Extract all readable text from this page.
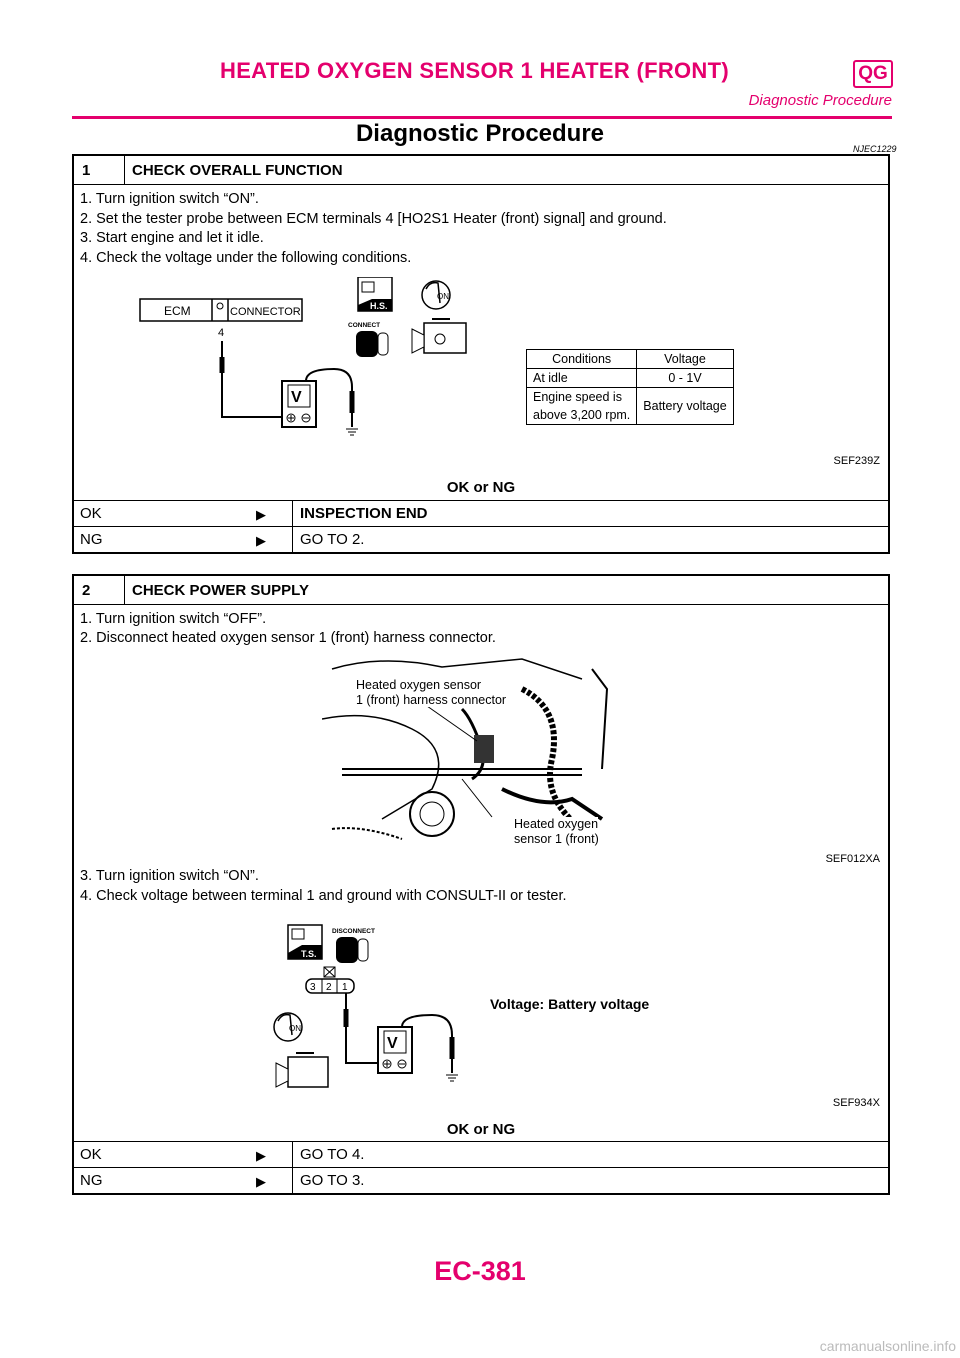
HEATED OXYGEN SENSOR 1 HEATER (FRONT)	QG
Diagnostic Procedure
Diagnostic Procedure
NJEC1229
1	CHECK OVERALL FUNCTION
1. Turn ignition switch “ON”.
2. Set the tester probe between ECM terminals 4 [HO2S1 Heater (front) signal] and ground.
3. Start engine and let it idle.
4. Check the voltage under the following conditions.
ECM	CONNECTOR
4
V
H.S.
CONNECT
ON
Conditions	Voltage
At idle	0 - 1V
Engine speed is	Battery voltage
above 3,200 rpm.	
SEF239Z
OK or NG
OK	▶ INSPECTION END
NG	▶ GO TO 2.
2	CHECK POWER SUPPLY
1. Turn ignition switch “OFF”.
2. Disconnect heated oxygen sensor 1 (front) harness connector.
Heated oxygen sensor
1 (front) harness connector
Heated oxygen
sensor 1 (front)
SEF012XA
3. Turn ignition switch “ON”.
4. Check voltage between terminal 1 and ground with CONSULT-II or tester.
T.S.
DISCONNECT
3 2 1
V
ON
Voltage: Battery voltage
SEF934X
OK or NG
OK	▶ GO TO 4.
NG	▶ GO TO 3.
EC-381
carmanualsonline.info
